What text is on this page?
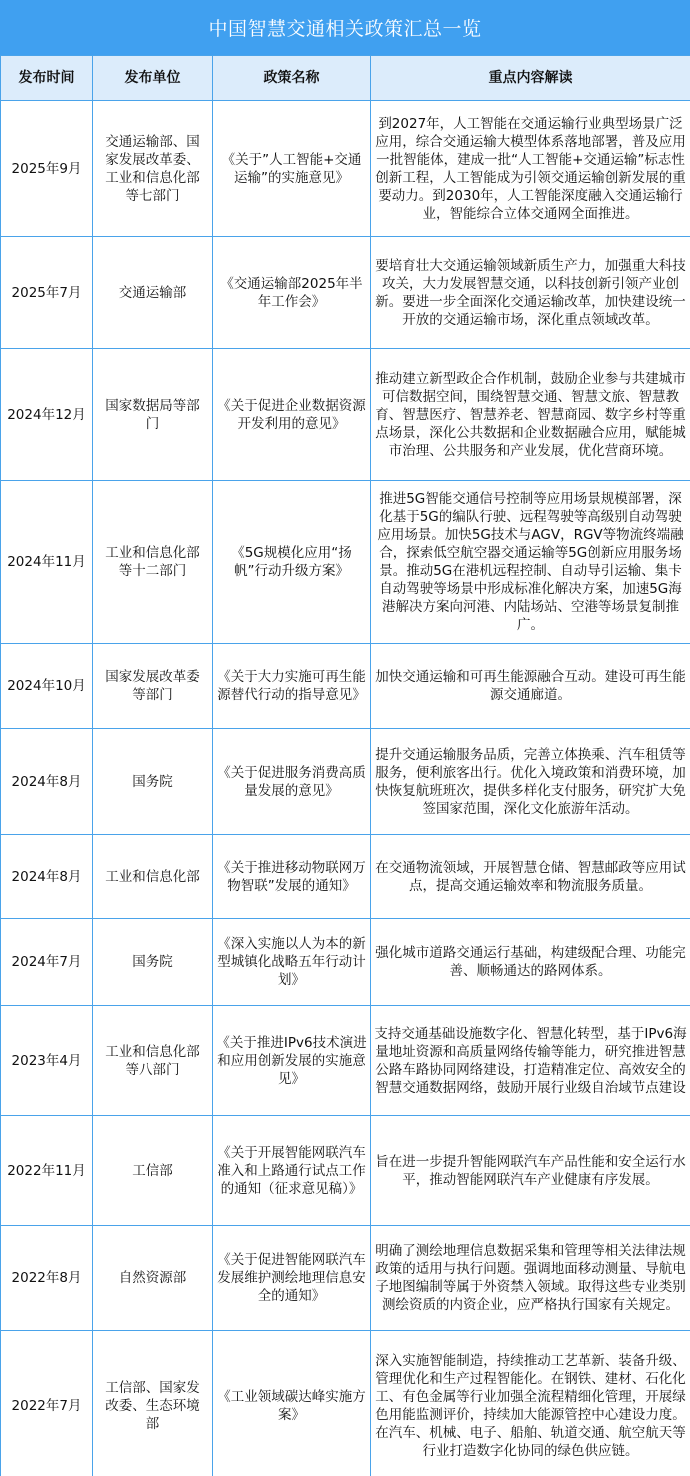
中国智慧交通相关政策汇总一览
发布时间	发布单位	政策名称	重点内容解读
2025年9月	交通运输部、国家发展改革委、工业和信息化部等七部门	《关于”人工智能+交通运输”的实施意见》	到2027年，人工智能在交通运输行业典型场景广泛应用，综合交通运输大模型体系落地部署，普及应用一批智能体，建成一批“人工智能+交通运输”标志性创新工程，人工智能成为引领交通运输创新发展的重要动力。到2030年，人工智能深度融入交通运输行业，智能综合立体交通网全面推进。
2025年7月	交通运输部	《交通运输部2025年半年工作会》	要培育壮大交通运输领域新质生产力，加强重大科技攻关，大力发展智慧交通，以科技创新引领产业创新。要进一步全面深化交通运输改革，加快建设统一开放的交通运输市场，深化重点领域改革。
2024年12月	国家数据局等部门	《关于促进企业数据资源开发利用的意见》	推动建立新型政企合作机制，鼓励企业参与共建城市可信数据空间，围绕智慧交通、智慧文旅、智慧教育、智慧医疗、智慧养老、智慧商园、数字乡村等重点场景，深化公共数据和企业数据融合应用，赋能城市治理、公共服务和产业发展，优化营商环境。
2024年11月	工业和信息化部等十二部门	《5G规模化应用“扬帆”行动升级方案》	推进5G智能交通信号控制等应用场景规模部署，深化基于5G的编队行驶、远程驾驶等高级别自动驾驶应用场景。加快5G技术与AGV，RGV等物流终端融合，探索低空航空器交通运输等5G创新应用服务场景。推动5G在港机远程控制、自动导引运输、集卡自动驾驶等场景中形成标准化解决方案，加速5G海港解决方案向河港、内陆场站、空港等场景复制推广。
2024年10月	国家发展改革委等部门	《关于大力实施可再生能源替代行动的指导意见》	加快交通运输和可再生能源融合互动。建设可再生能源交通廊道。
2024年8月	国务院	《关于促进服务消费高质量发展的意见》	提升交通运输服务品质，完善立体换乘、汽车租赁等服务，便利旅客出行。优化入境政策和消费环境，加快恢复航班班次，提供多样化支付服务，研究扩大免签国家范围，深化文化旅游年活动。
2024年8月	工业和信息化部	《关于推进移动物联网万物智联”发展的通知》	在交通物流领域，开展智慧仓储、智慧邮政等应用试点，提高交通运输效率和物流服务质量。
2024年7月	国务院	《深入实施以人为本的新型城镇化战略五年行动计划》	强化城市道路交通运行基础，构建级配合理、功能完善、顺畅通达的路网体系。
2023年4月	工业和信息化部等八部门	《关于推进IPv6技术演进和应用创新发展的实施意见》	支持交通基础设施数字化、智慧化转型，基于IPv6海量地址资源和高质量网络传输等能力，研究推进智慧公路车路协同网络建设，打造精准定位、高效安全的智慧交通数据网络，鼓励开展行业级自治域节点建设
2022年11月	工信部	《关于开展智能网联汽车准入和上路通行试点工作的通知（征求意见稿）》	旨在进一步提升智能网联汽车产品性能和安全运行水平，推动智能网联汽车产业健康有序发展。
2022年8月	自然资源部	《关于促进智能网联汽车发展维护测绘地理信息安全的通知》	明确了测绘地理信息数据采集和管理等相关法律法规政策的适用与执行问题。强调地面移动测量、导航电子地图编制等属于外资禁入领域。取得这些专业类别测绘资质的内资企业，应严格执行国家有关规定。
2022年7月	工信部、国家发改委、生态环境部	《工业领域碳达峰实施方案》	深入实施智能制造，持续推动工艺革新、装备升级、管理优化和生产过程智能化。在钢铁、建材、石化化工、有色金属等行业加强全流程精细化管理，开展绿色用能监测评价，持续加大能源管控中心建设力度。在汽车、机械、电子、船舶、轨道交通、航空航天等行业打造数字化协同的绿色供应链。
